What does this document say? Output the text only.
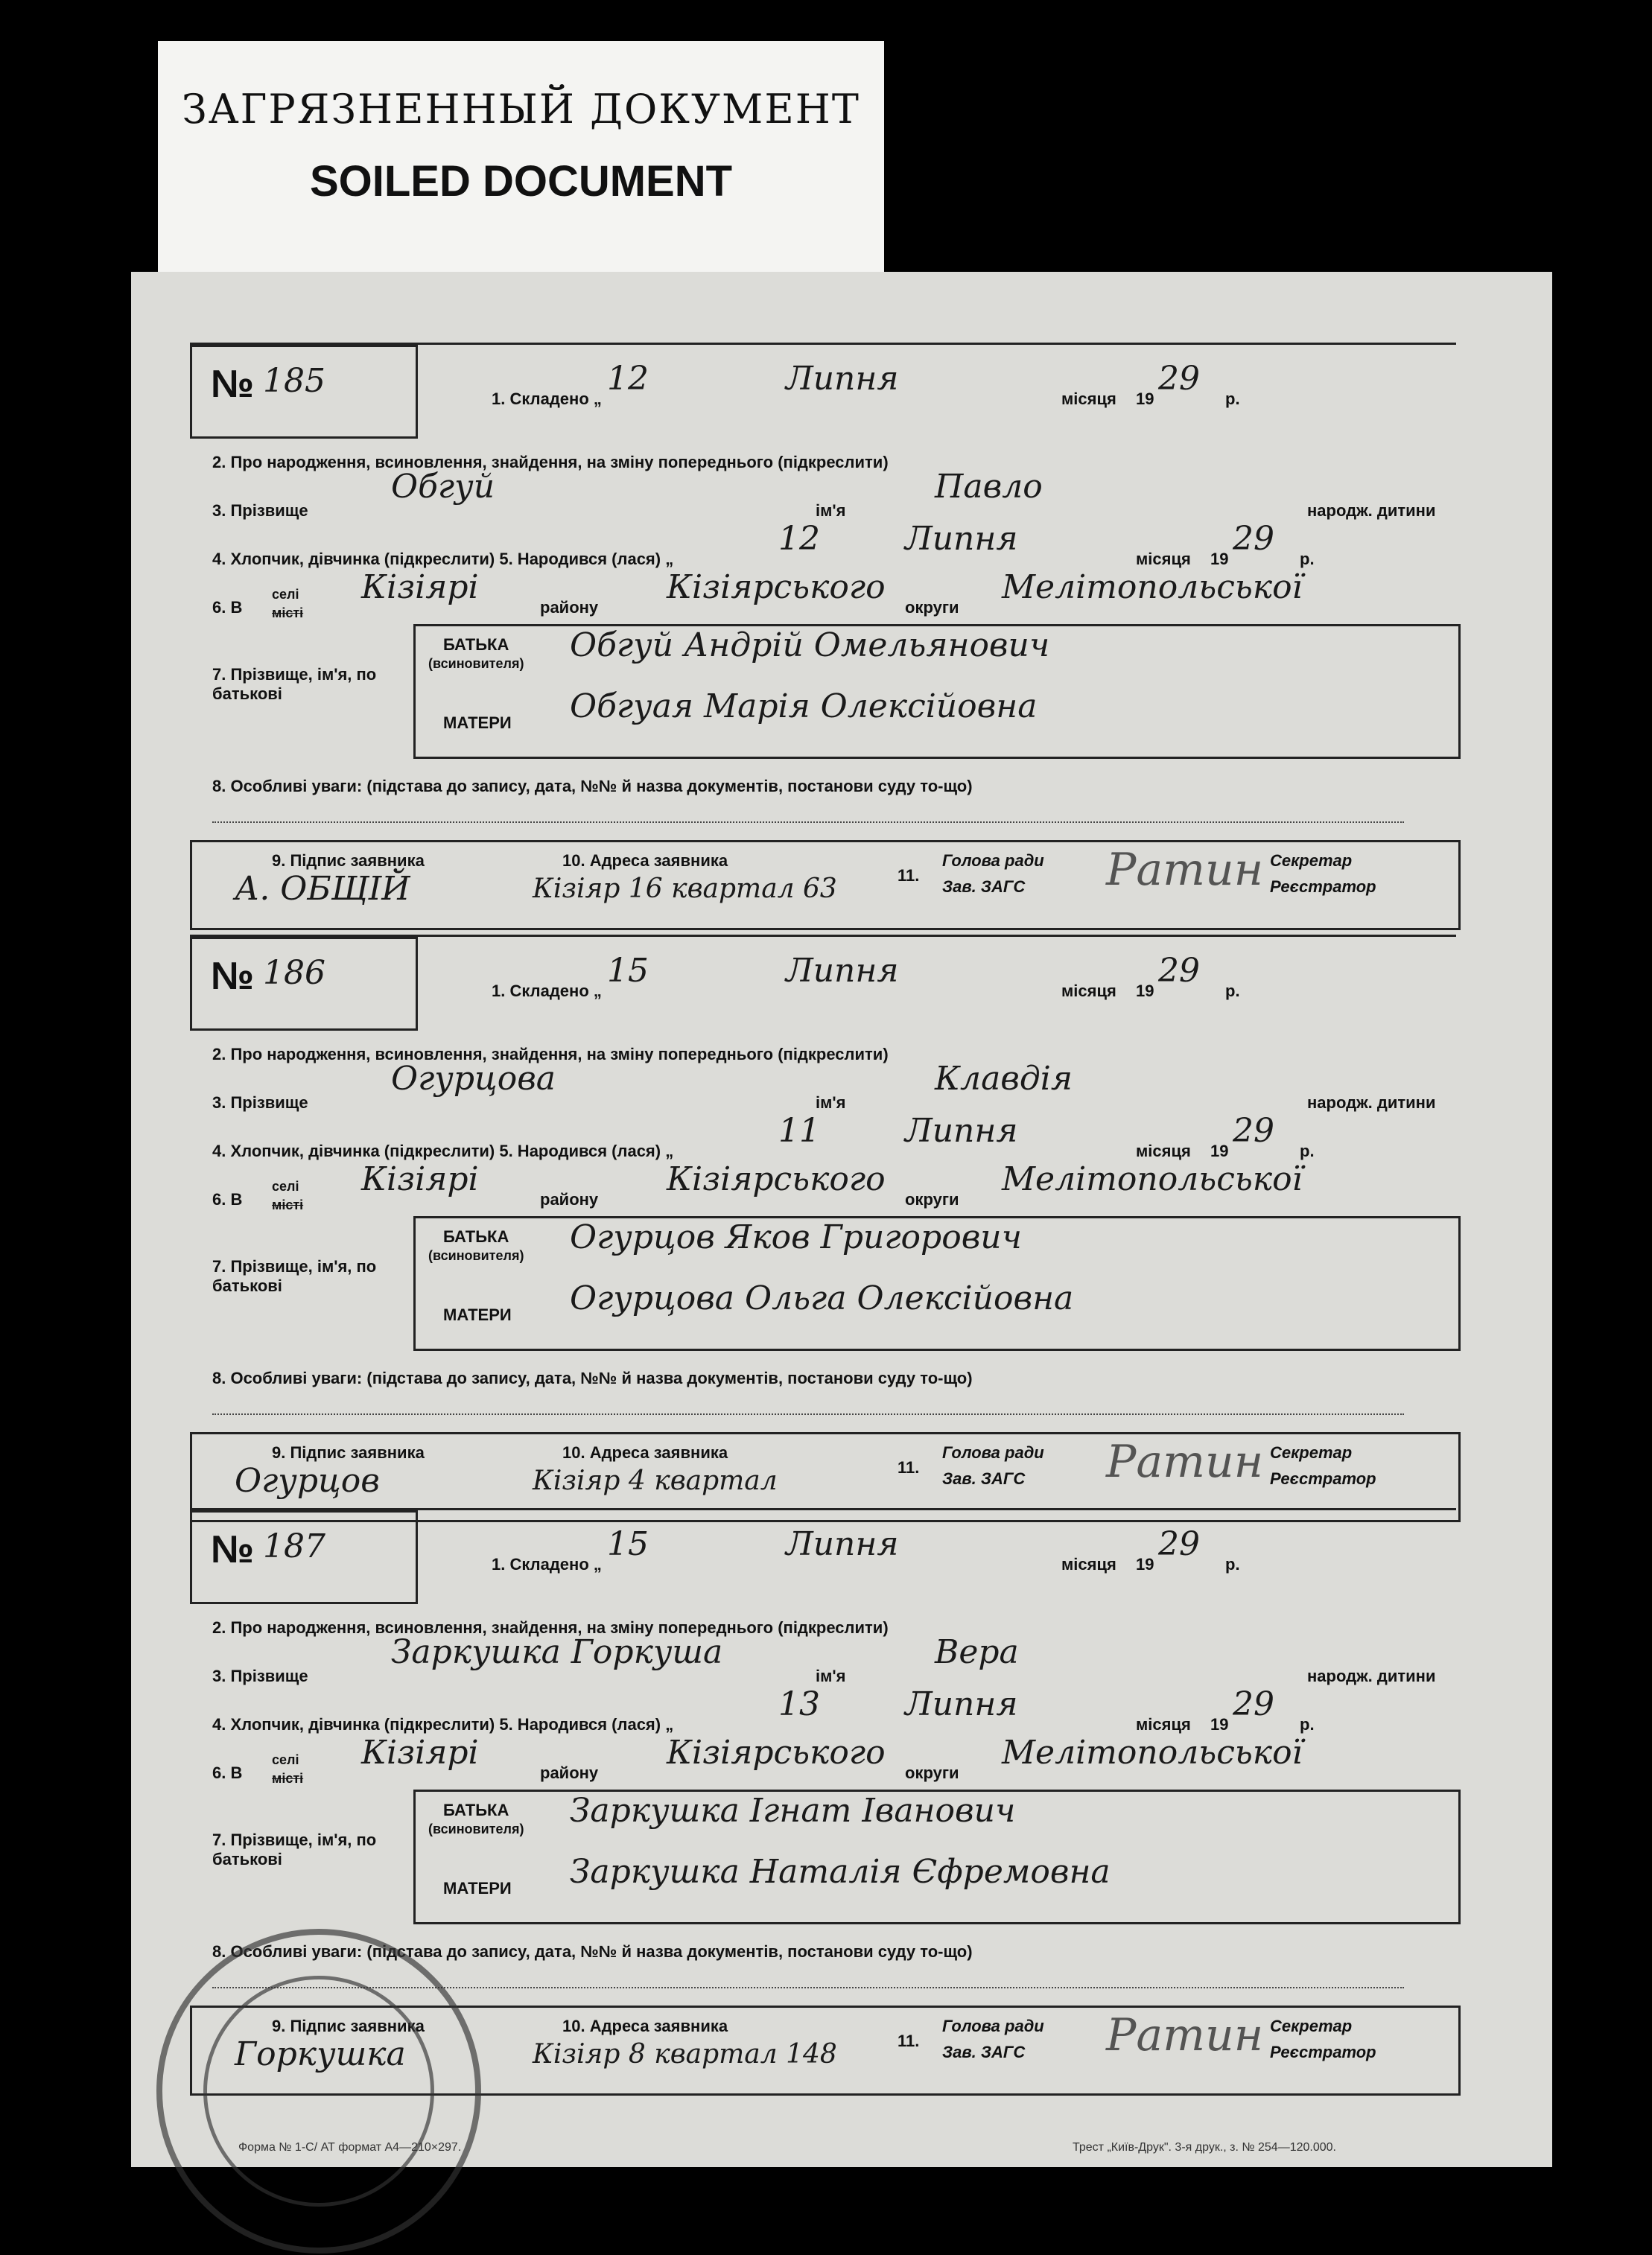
ЗАГРЯЗНЕННЫЙ ДОКУМЕНТ
SOILED DOCUMENT
№ 185	1. Складено „
12	Липня
місяця 19
29
р.
2. Про народження, всиновлення, знайдення, на зміну попереднього (підкреслити)
3. Прізвище
Обгуй
ім'я
Павло
народж. дитини
4. Хлопчик, дівчинка (підкреслити) 5. Народився (лася) „
12	Липня
місяця 19
29
р.
6. В
селі
місті
Кізіярі
району
Кізіярського
округи
Мелітопольської
7. Прізвище, ім'я, по батькові
БАТЬКА
(всиновителя) Обгуй Андрій Омельянович
МАТЕРИ Обгуая Марія Олексійовна
8. Особливі уваги: (підстава до запису, дата, №№ й назва документів, постанови суду то-що)
9. Підпис заявника
А. ОБЩІЙ
10. Адреса заявника
Кізіяр 16 квартал 63	11.
Голова ради
Зав. ЗАГС Ратин Секретар
Реєстратор
№ 186	1. Складено „
15	Липня
місяця 19
29
р.
2. Про народження, всиновлення, знайдення, на зміну попереднього (підкреслити)
3. Прізвище
Огурцова
ім'я
Клавдія
народж. дитини
4. Хлопчик, дівчинка (підкреслити) 5. Народився (лася) „
11	Липня
місяця 19
29
р.
6. В
селі
місті
Кізіярі
району
Кізіярського
округи
Мелітопольської
7. Прізвище, ім'я, по батькові
БАТЬКА
(всиновителя) Огурцов Яков Григорович
МАТЕРИ Огурцова Ольга Олексійовна
8. Особливі уваги: (підстава до запису, дата, №№ й назва документів, постанови суду то-що)
9. Підпис заявника
Огурцов
10. Адреса заявника
Кізіяр 4 квартал	11.
Голова ради
Зав. ЗАГС Ратин Секретар
Реєстратор
№ 187	1. Складено „
15	Липня
місяця 19
29
р.
2. Про народження, всиновлення, знайдення, на зміну попереднього (підкреслити)
3. Прізвище
Заркушка Горкуша
ім'я
Вера
народж. дитини
4. Хлопчик, дівчинка (підкреслити) 5. Народився (лася) „
13	Липня
місяця 19
29
р.
6. В
селі
місті
Кізіярі
району
Кізіярського
округи
Мелітопольської
7. Прізвище, ім'я, по батькові
БАТЬКА
(всиновителя) Заркушка Ігнат Іванович
МАТЕРИ Заркушка Наталія Єфремовна
8. Особливі уваги: (підстава до запису, дата, №№ й назва документів, постанови суду то-що)
9. Підпис заявника
Горкушка
10. Адреса заявника
Кізіяр 8 квартал 148	11.
Голова ради
Зав. ЗАГС Ратин Секретар
Реєстратор
Форма № 1-С/ АТ формат А4—210×297.	Трест „Київ-Друк". 3-я друк., з. № 254—120.000.
